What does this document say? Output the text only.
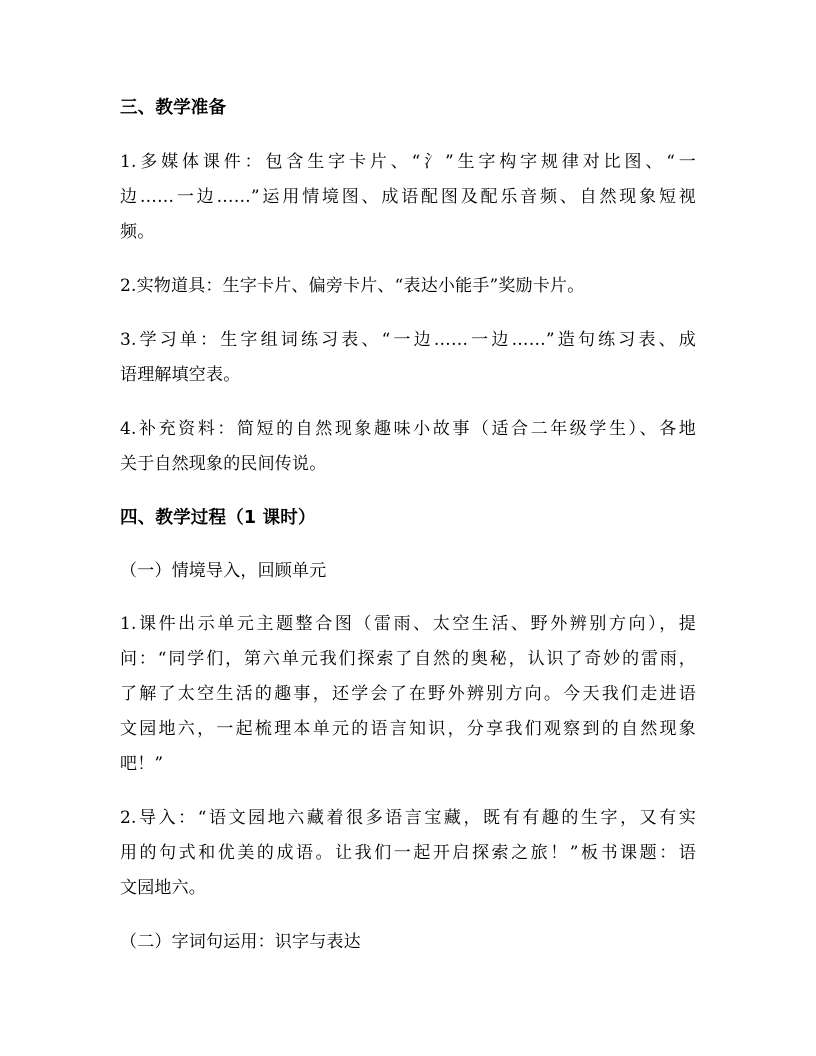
三、教学准备
1.多媒体课件：包含生字卡片、“氵”生字构字规律对比图、“一
边……一边……”运用情境图、成语配图及配乐音频、自然现象短视
频。
2.实物道具：生字卡片、偏旁卡片、“表达小能手”奖励卡片。
3.学习单：生字组词练习表、“一边……一边……”造句练习表、成
语理解填空表。
4.补充资料：简短的自然现象趣味小故事（适合二年级学生）、各地
关于自然现象的民间传说。
四、教学过程（1 课时）
（一）情境导入，回顾单元
1.课件出示单元主题整合图（雷雨、太空生活、野外辨别方向），提
问：“同学们，第六单元我们探索了自然的奥秘，认识了奇妙的雷雨，
了解了太空生活的趣事，还学会了在野外辨别方向。今天我们走进语
文园地六，一起梳理本单元的语言知识，分享我们观察到的自然现象
吧！”
2.导入：“语文园地六藏着很多语言宝藏，既有有趣的生字，又有实
用的句式和优美的成语。让我们一起开启探索之旅！”板书课题：语
文园地六。
（二）字词句运用：识字与表达
